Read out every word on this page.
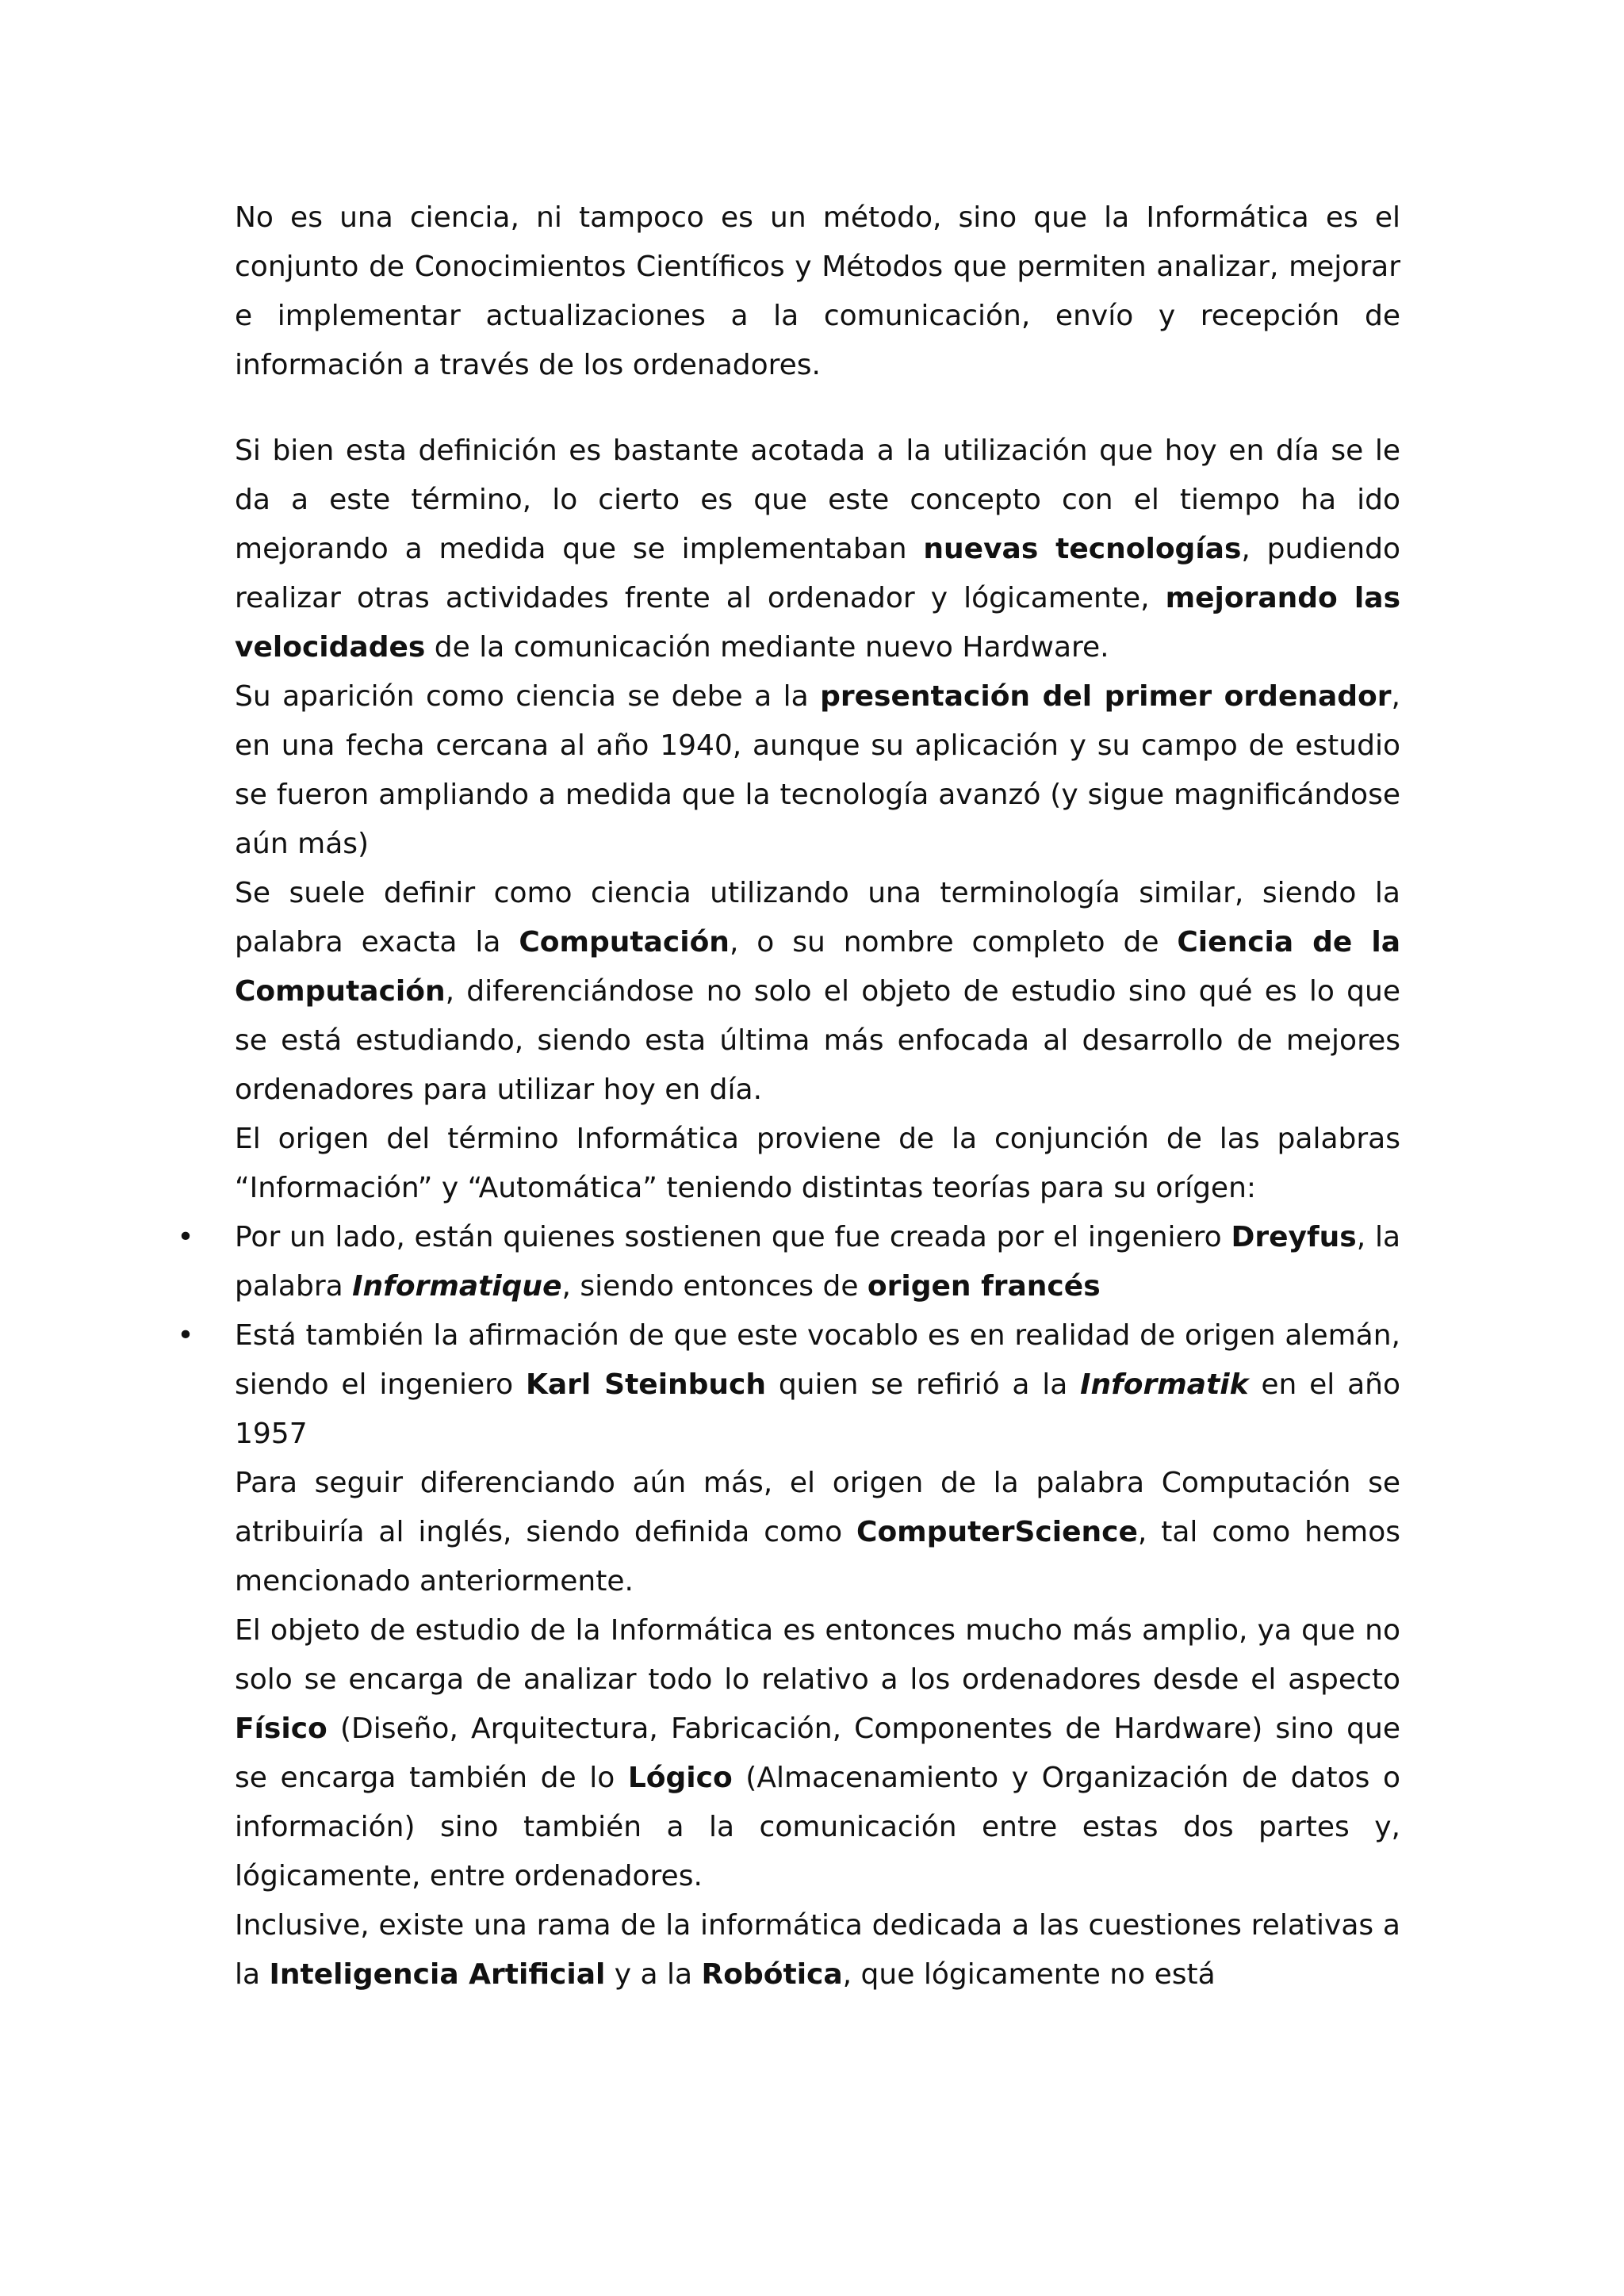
No es una ciencia, ni tampoco es un método, sino que la Informática es el conjunto de Conocimientos Científicos y Métodos que permiten analizar, mejorar e implementar actualizaciones a la comunicación, envío y recepción de información a través de los ordenadores.

Si bien esta definición es bastante acotada a la utilización que hoy en día se le da a este término, lo cierto es que este concepto con el tiempo ha ido mejorando a medida que se implementaban nuevas tecnologías, pudiendo realizar otras actividades frente al ordenador y lógicamente, mejorando las velocidades de la comunicación mediante nuevo Hardware.

Su aparición como ciencia se debe a la presentación del primer ordenador, en una fecha cercana al año 1940, aunque su aplicación y su campo de estudio se fueron ampliando a medida que la tecnología avanzó (y sigue magnificándose aún más)

Se suele definir como ciencia utilizando una terminología similar, siendo la palabra exacta la Computación, o su nombre completo de Ciencia de la Computación, diferenciándose no solo el objeto de estudio sino qué es lo que se está estudiando, siendo esta última más enfocada al desarrollo de mejores ordenadores para utilizar hoy en día.

El origen del término Informática proviene de la conjunción de las palabras “Información” y “Automática” teniendo distintas teorías para su orígen:

• Por un lado, están quienes sostienen que fue creada por el ingeniero Dreyfus, la palabra Informatique, siendo entonces de origen francés
• Está también la afirmación de que este vocablo es en realidad de origen alemán, siendo el ingeniero Karl Steinbuch quien se refirió a la Informatik en el año 1957

Para seguir diferenciando aún más, el origen de la palabra Computación se atribuiría al inglés, siendo definida como ComputerScience, tal como hemos mencionado anteriormente.

El objeto de estudio de la Informática es entonces mucho más amplio, ya que no solo se encarga de analizar todo lo relativo a los ordenadores desde el aspecto Físico (Diseño, Arquitectura, Fabricación, Componentes de Hardware) sino que se encarga también de lo Lógico (Almacenamiento y Organización de datos o información) sino también a la comunicación entre estas dos partes y, lógicamente, entre ordenadores.

Inclusive, existe una rama de la informática dedicada a las cuestiones relativas a la Inteligencia Artificial y a la Robótica, que lógicamente no está
